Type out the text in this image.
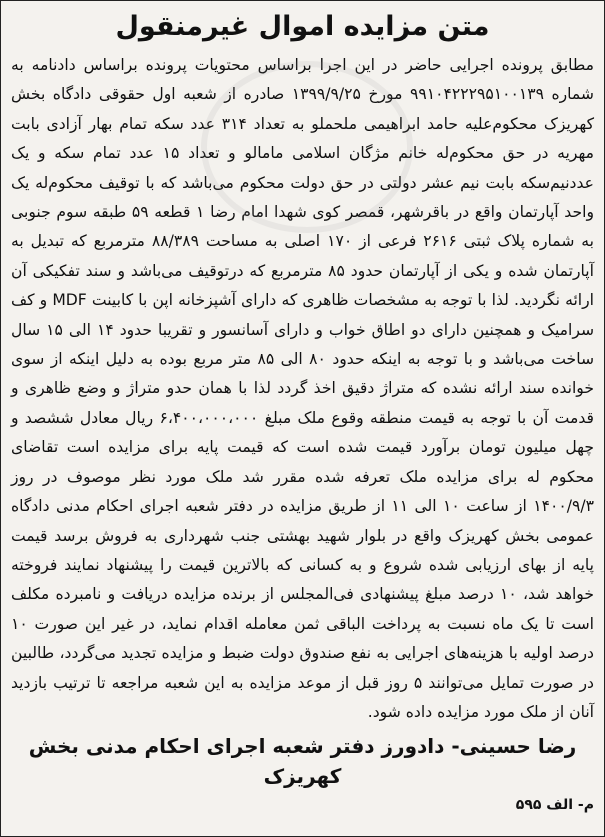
متن مزایده اموال غیرمنقول

مطابق پرونده اجرایی حاضر در این اجرا براساس محتویات پرونده براساس دادنامه به شماره ۹۹۱۰۴۲۲۲۹۵۱۰۰۱۳۹ مورخ ۱۳۹۹/۹/۲۵ صادره از شعبه اول حقوقی دادگاه بخش کهریزک محکوم‌علیه حامد ابراهیمی ملحملو به تعداد ۳۱۴ عدد سکه تمام بهار آزادی بابت مهریه در حق محکوم‌له خانم مژگان اسلامی مامالو و تعداد ۱۵ عدد تمام سکه و یک عددنیم‌سکه بابت نیم عشر دولتی در حق دولت محکوم می‌باشد که با توقیف محکوم‌له یک واحد آپارتمان واقع در باقرشهر، قمصر کوی شهدا امام رضا ۱ قطعه ۵۹ طبقه سوم جنوبی به شماره پلاک ثبتی ۲۶۱۶ فرعی از ۱۷۰ اصلی به مساحت ۸۸/۳۸۹ مترمربع که تبدیل به آپارتمان شده و یکی از آپارتمان حدود ۸۵ مترمربع که درتوقیف می‌باشد و سند تفکیکی آن ارائه نگردید. لذا با توجه به مشخصات ظاهری که دارای آشپزخانه اپن با کابینت MDF و کف سرامیک و همچنین دارای دو اطاق خواب و دارای آسانسور و تقریبا حدود ۱۴ الی ۱۵ سال ساخت می‌باشد و با توجه به اینکه حدود ۸۰ الی ۸۵ متر مربع بوده به دلیل اینکه از سوی خوانده سند ارائه نشده که متراژ دقیق اخذ گردد لذا با همان حدو متراژ و وضع ظاهری و قدمت آن با توجه به قیمت منطقه وقوع ملک مبلغ ۶،۴۰۰،۰۰۰،۰۰۰ ریال معادل ششصد و چهل میلیون تومان برآورد قیمت شده است که قیمت پایه برای مزایده است تقاضای محکوم له برای مزایده ملک تعرفه شده مقرر شد ملک مورد نظر موصوف در روز ۱۴۰۰/۹/۳ از ساعت ۱۰ الی ۱۱ از طریق مزایده در دفتر شعبه اجرای احکام مدنی دادگاه عمومی بخش کهریزک واقع در بلوار شهید بهشتی جنب شهرداری به فروش برسد قیمت پایه از بهای ارزیابی شده شروع و به کسانی که بالاترین قیمت را پیشنهاد نمایند فروخته خواهد شد، ۱۰ درصد مبلغ پیشنهادی فی‌المجلس از برنده مزایده دریافت و نامبرده مکلف است تا یک ماه نسبت به پرداخت الباقی ثمن معامله اقدام نماید، در غیر این صورت ۱۰ درصد اولیه با هزینه‌های اجرایی به نفع صندوق دولت ضبط و مزایده تجدید می‌گردد، طالبین در صورت تمایل می‌توانند ۵ روز قبل از موعد مزایده به این شعبه مراجعه تا ترتیب بازدید آنان از ملک مورد مزایده داده شود.

رضا حسینی- دادورز دفتر شعبه اجرای احکام مدنی بخش کهریزک
م- الف ۵۹۵
